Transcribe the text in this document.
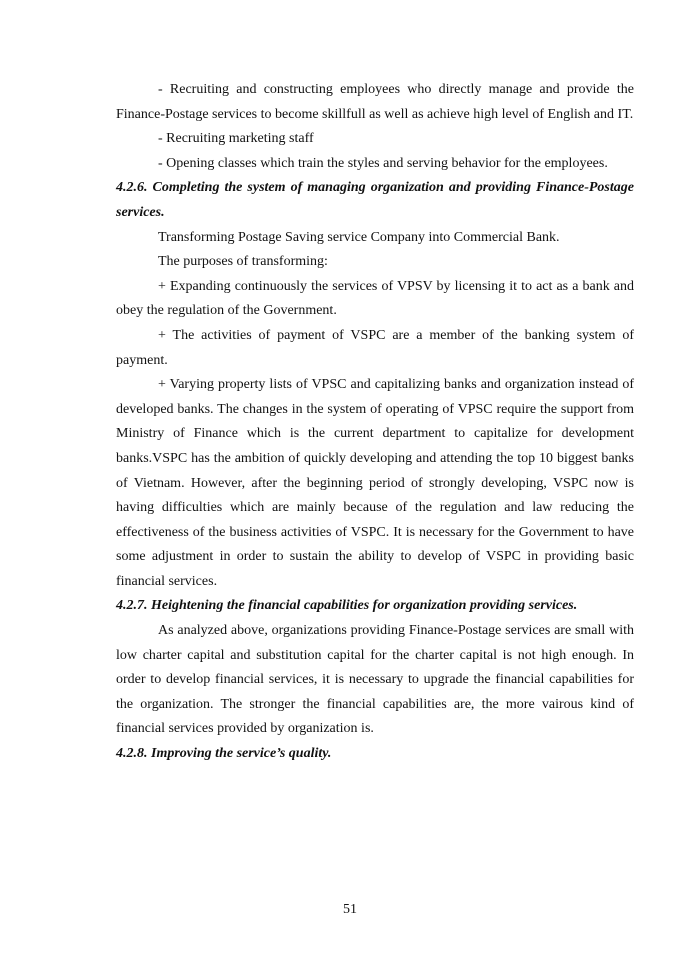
- Recruiting and constructing employees who directly manage and provide the Finance-Postage services to become skillfull as well as achieve high level of English and IT.

- Recruiting marketing staff

- Opening classes which train the styles and serving behavior for the employees.

4.2.6. Completing the system of managing organization and providing Finance-Postage services.

Transforming Postage Saving service Company into Commercial Bank.

The purposes of transforming:

+ Expanding continuously the services of VPSV by licensing it to act as a bank and obey the regulation of the Government.

+ The activities of payment of VSPC are a member of the banking system of payment.

+ Varying property lists of VPSC and capitalizing banks and organization instead of developed banks. The changes in the system of operating of VPSC require the support from Ministry of Finance which is the current department to capitalize for development banks.VSPC has the ambition of quickly developing and attending the top 10 biggest banks of Vietnam. However, after the beginning period of strongly developing, VSPC now is having difficulties which are mainly because of the regulation and law reducing the effectiveness of the business activities of VSPC. It is necessary for the Government to have some adjustment in order to sustain the ability to develop of VSPC in providing basic financial services.

4.2.7. Heightening the financial capabilities for organization providing services.

As analyzed above, organizations providing Finance-Postage services are small with low charter capital and substitution capital for the charter capital is not high enough. In order to develop financial services, it is necessary to upgrade the financial capabilities for the organization. The stronger the financial capabilities are, the more vairous kind of financial services provided by organization is.

4.2.8. Improving the service’s quality.

51
